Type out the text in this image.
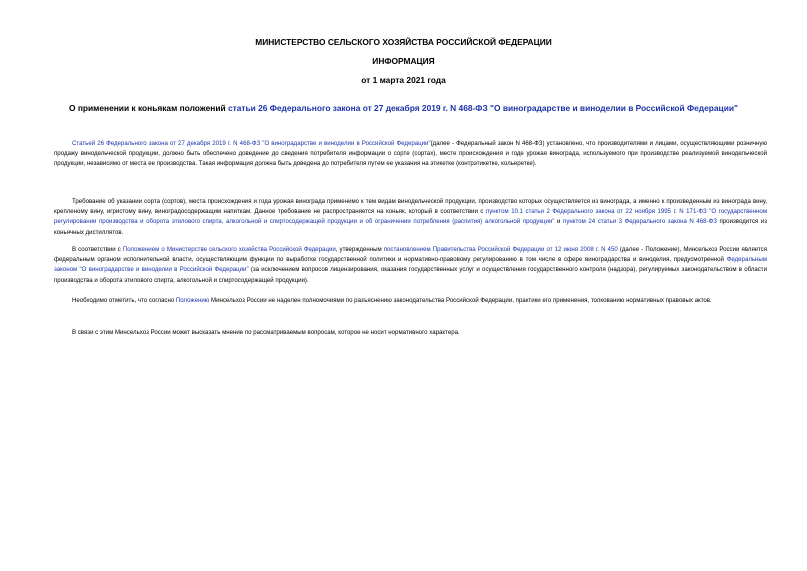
МИНИСТЕРСТВО СЕЛЬСКОГО ХОЗЯЙСТВА РОССИЙСКОЙ ФЕДЕРАЦИИ
ИНФОРМАЦИЯ
от 1 марта 2021 года
О применении к коньякам положений статьи 26 Федерального закона от 27 декабря 2019 г. N 468-ФЗ "О виноградарстве и виноделии в Российской Федерации"

Статьей 26 Федерального закона от 27 декабря 2019 г. N 468-ФЗ "О виноградарстве и виноделии в Российской Федерации"(далее - Федеральный закон N 468-ФЗ) установлено, что производителями и лицами, осуществляющими розничную продажу винодельческой продукции, должно быть обеспечено доведение до сведения потребителя информации о сорте (сортах), месте происхождения и годе урожая винограда, используемого при производстве реализуемой винодельческой продукции, независимо от места ее производства. Такая информация должна быть доведена до потребителя путем ее указания на этикетке (контрэтикетке, кольеретке).

Требование об указании сорта (сортов), места происхождения и года урожая винограда применимо к тем видам винодельческой продукции, производство которых осуществляется из винограда, а именно к произведенным из винограда вину, крепленому вину, игристому вину, виноградосодержащим напиткам. Данное требование не распространяется на коньяк, который в соответствии с пунктом 10.1 статьи 2 Федерального закона от 22 ноября 1995 г. N 171-ФЗ "О государственном регулировании производства и оборота этилового спирта, алкогольной и спиртосодержащей продукции и об ограничении потребления (распития) алкогольной продукции" и пунктом 24 статьи 3 Федерального закона N 468-ФЗ производится из коньячных дистиллятов.

В соответствии с Положением о Министерстве сельского хозяйства Российской Федерации, утвержденным постановлением Правительства Российской Федерации от 12 июня 2008 г. N 450 (далее - Положение), Минсельхоз России является федеральным органом исполнительной власти, осуществляющим функции по выработке государственной политики и нормативно-правовому регулированию в том числе в сфере виноградарства и виноделия, предусмотренной Федеральным законом "О виноградарстве и виноделии в Российской Федерации" (за исключением вопросов лицензирования, оказания государственных услуг и осуществления государственного контроля (надзора), регулируемых законодательством в области производства и оборота этилового спирта, алкогольной и спиртосодержащей продукции).

Необходимо отметить, что согласно Положению Минсельхоз России не наделен полномочиями по разъяснению законодательства Российской Федерации, практики его применения, толкованию нормативных правовых актов.

В связи с этим Минсельхоз России может высказать мнение по рассматриваемым вопросам, которое не носит нормативного характера.
